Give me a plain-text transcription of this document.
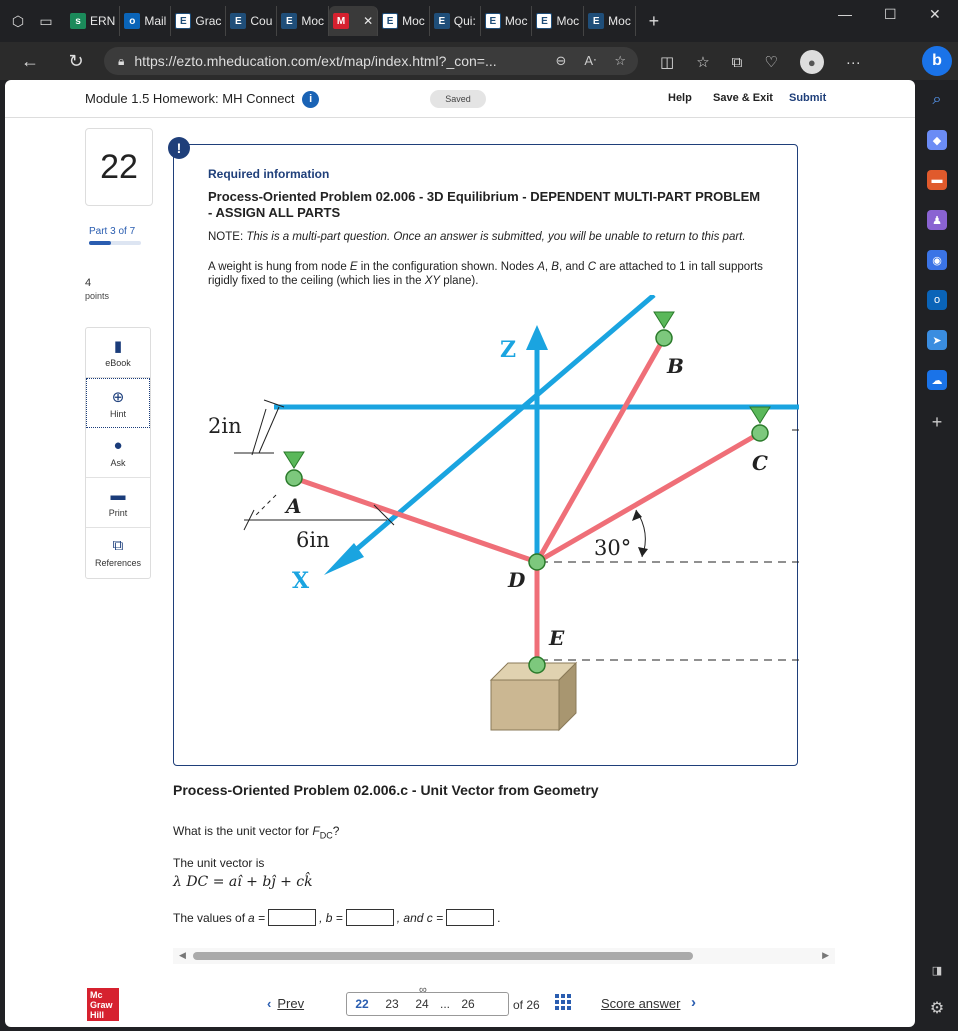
⬡ ▭	s ERN	o Mail	E Grac	E Cou	E Moc	M	✕	E Moc	E Qui:	E Moc	E Moc	E Moc +	— ☐ ✕
←	↻	🔒︎ https://ezto.mheducation.com/ext/map/index.html?_con=...	⊖ Aᐧ ☆ ◫ ☆ ⧉ ♡	●	···	b
⌕
◆
▬
♟
◉
o
➤
☁
+
◨
⚙
Module 1.5 Homework: MH Connect i	Saved	Help Save & Exit Submit
22
Part 3 of 7
4
points
▮
eBook
⊕
Hint
●
Ask
▬
Print
⧉
References
!
Required information
Process-Oriented Problem 02.006 - 3D Equilibrium - DEPENDENT MULTI-PART PROBLEM - ASSIGN ALL PARTS
NOTE: This is a multi-part question. Once an answer is submitted, you will be unable to return to this part.
A weight is hung from node E in the configuration shown. Nodes A, B, and C are attached to 1 in tall supports rigidly fixed to the ceiling (which lies in the XY plane).
A
B
C
D
E
Z
X
2in
6in	30°
Process-Oriented Problem 02.006.c - Unit Vector from Geometry
What is the unit vector for $F_{DC}$?
The unit vector is
λ DC = aî + bĵ + ck̂
The values of a =	, b =	, and c =	.
◀	▶
Mc Graw Hill
‹ Prev
∞
22	23	24 ... 26	of 26	Score answer ›
